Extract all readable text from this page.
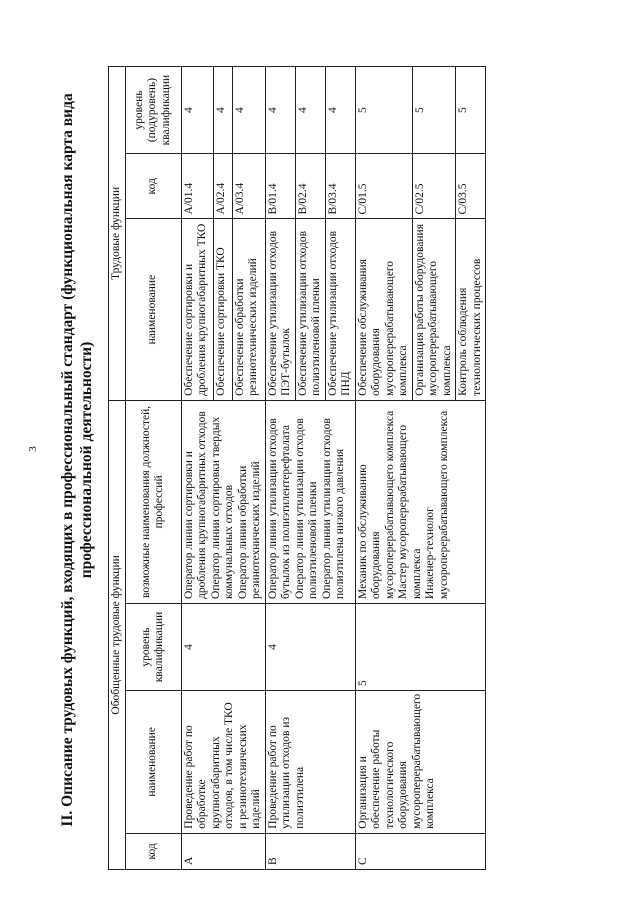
3 II. Описание трудовых функций, входящих в профессиональный стандарт (функциональная карта вида профессиональной деятельности)
Обобщенные трудовые функции				Трудовые функции		
код	наименование	уровень квалификации	возможные наименования должностей, профессий	наименование	код	уровень (подуровень) квалификации
A	Проведение работ по обработке крупногабаритных отходов, в том числе ТКО и резинотехнических изделий	4	Оператор линии сортировки и дробления крупногабаритных отходов Оператор линии сортировки твердых коммунальных отходов Оператор линии обработки резинотехнических изделий	Обеспечение сортировки и дробления крупногабаритных ТКО	A/01.4	4
				Обеспечение сортировки ТКО	A/02.4	4
				Обеспечение обработки резинотехнических изделий	A/03.4	4
B	Проведение работ по утилизации отходов из полиэтилена	4	Оператор линии утилизации отходов бутылок из полиэтилентерефталата Оператор линии утилизации отходов полиэтиленовой пленки Оператор линии утилизации отходов полиэтилена низкого давления	Обеспечение утилизации отходов ПЭТ-бутылок	B/01.4	4
				Обеспечение утилизации отходов полиэтиленовой пленки	B/02.4	4
				Обеспечение утилизации отходов ПНД	B/03.4	4
C	Организация и обеспечение работы технологического оборудования мусороперерабатывающего комплекса	5	Механик по обслуживанию оборудования мусороперерабатывающего комплекса Мастер мусороперерабатывающего комплекса Инженер-технолог мусороперерабатывающего комплекса	Обеспечение обслуживания оборудования мусороперерабатывающего комплекса	C/01.5	5
				Организация работы оборудования мусороперерабатывающего комплекса	C/02.5	5
				Контроль соблюдения технологических процессов	C/03.5	5
